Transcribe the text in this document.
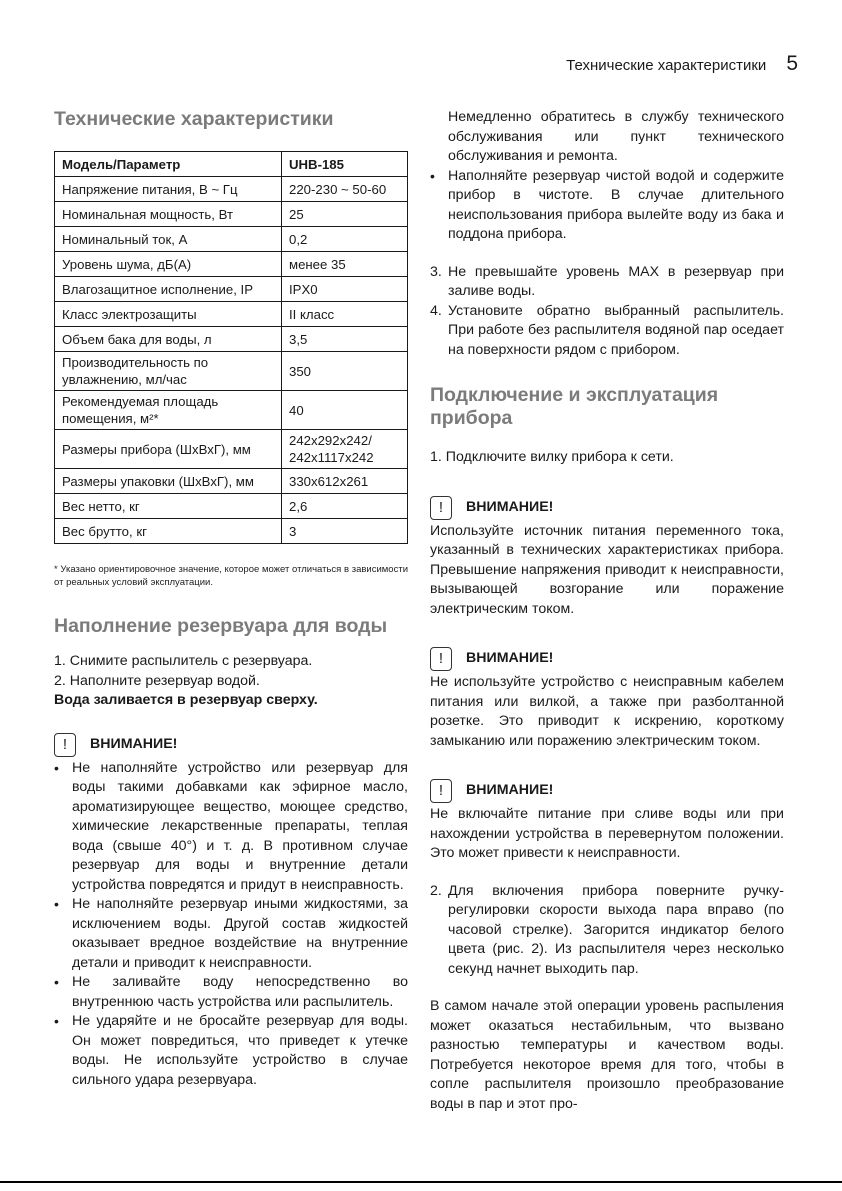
Технические характеристики 5
Технические характеристики
Модель/Параметр	UHB-185
Напряжение питания, В ~ Гц	220-230 ~ 50-60
Номинальная мощность, Вт	25
Номинальный ток, А	0,2
Уровень шума, дБ(А)	менее 35
Влагозащитное исполнение, IP	IPX0
Класс электрозащиты	II класс
Объем бака для воды, л	3,5
Производительность по увлажнению, мл/час	350
Рекомендуемая площадь помещения, м²*	40
Размеры прибора (ШхВхГ), мм	242x292x242/ 242x1117x242
Размеры упаковки (ШхВхГ), мм	330x612x261
Вес нетто, кг	2,6
Вес брутто, кг	3
* Указано ориентировочное значение, которое может отличаться в зависимости от реальных условий эксплуатации.
Наполнение резервуара для воды
1. Снимите распылитель с резервуара.
2. Наполните резервуар водой.
Вода заливается в резервуар сверху.
!	ВНИМАНИЕ!
• Не наполняйте устройство или резервуар для воды такими добавками как эфирное масло, ароматизирующее вещество, моющее средство, химические лекарственные препараты, теплая вода (свыше 40°) и т. д. В противном случае резервуар для воды и внутренние детали устройства повредятся и придут в неисправность.
• Не наполняйте резервуар иными жидкостями, за исключением воды. Другой состав жидкостей оказывает вредное воздействие на внутренние детали и приводит к неисправности.
• Не заливайте воду непосредственно во внутреннюю часть устройства или распылитель.
• Не ударяйте и не бросайте резервуар для воды. Он может повредиться, что приведет к утечке воды. Не используйте устройство в случае сильного удара резервуара.
Немедленно обратитесь в службу технического обслуживания или пункт технического обслуживания и ремонта.
• Наполняйте резервуар чистой водой и содержите прибор в чистоте. В случае длительного неиспользования прибора вылейте воду из бака и поддона прибора.
3. Не превышайте уровень MAX в резервуар при заливе воды.
4. Установите обратно выбранный распылитель. При работе без распылителя водяной пар оседает на поверхности рядом с прибором.
Подключение и эксплуатация прибора
1. Подключите вилку прибора к сети.
!	ВНИМАНИЕ!
Используйте источник питания переменного тока, указанный в технических характеристиках прибора. Превышение напряжения приводит к неисправности, вызывающей возгорание или поражение электрическим током.
!	ВНИМАНИЕ!
Не используйте устройство с неисправным кабелем питания или вилкой, а также при разболтанной розетке. Это приводит к искрению, короткому замыканию или поражению электрическим током.
!	ВНИМАНИЕ!
Не включайте питание при сливе воды или при нахождении устройства в перевернутом положении. Это может привести к неисправности.
2. Для включения прибора поверните ручку-регулировки скорости выхода пара вправо (по часовой стрелке). Загорится индикатор белого цвета (рис. 2). Из распылителя через несколько секунд начнет выходить пар.
В самом начале этой операции уровень распыления может оказаться нестабильным, что вызвано разностью температуры и качеством воды. Потребуется некоторое время для того, чтобы в сопле распылителя произошло преобразование воды в пар и этот про-
